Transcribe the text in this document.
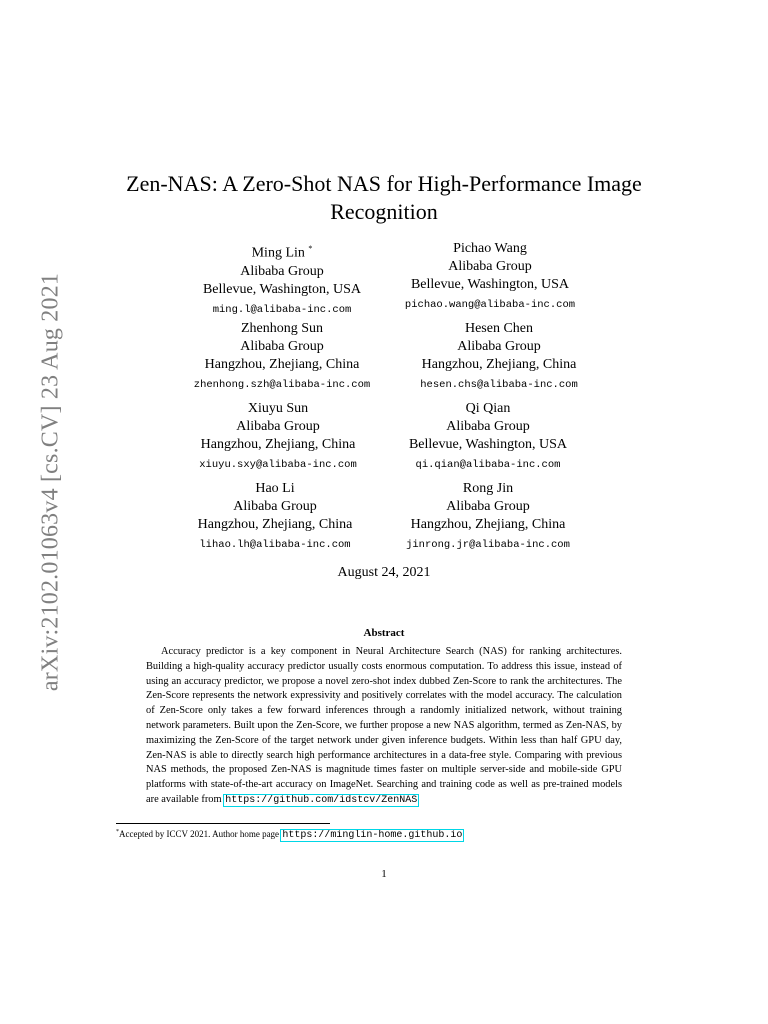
arXiv:2102.01063v4 [cs.CV] 23 Aug 2021
Zen-NAS: A Zero-Shot NAS for High-Performance Image
Recognition
Ming Lin *
Alibaba Group
Bellevue, Washington, USA
ming.l@alibaba-inc.com
Pichao Wang
Alibaba Group
Bellevue, Washington, USA
pichao.wang@alibaba-inc.com
Zhenhong Sun
Alibaba Group
Hangzhou, Zhejiang, China
zhenhong.szh@alibaba-inc.com
Hesen Chen
Alibaba Group
Hangzhou, Zhejiang, China
hesen.chs@alibaba-inc.com
Xiuyu Sun
Alibaba Group
Hangzhou, Zhejiang, China
xiuyu.sxy@alibaba-inc.com
Qi Qian
Alibaba Group
Bellevue, Washington, USA
qi.qian@alibaba-inc.com
Hao Li
Alibaba Group
Hangzhou, Zhejiang, China
lihao.lh@alibaba-inc.com
Rong Jin
Alibaba Group
Hangzhou, Zhejiang, China
jinrong.jr@alibaba-inc.com
August 24, 2021
Abstract

Accuracy predictor is a key component in Neural Architecture Search (NAS) for ranking architectures. Building a high-quality accuracy predictor usually costs enormous computation. To address this issue, instead of using an accuracy predictor, we propose a novel zero-shot index dubbed Zen-Score to rank the architectures. The Zen-Score represents the network expressivity and positively correlates with the model accuracy. The calculation of Zen-Score only takes a few forward inferences through a randomly initialized network, without training network parameters. Built upon the Zen-Score, we further propose a new NAS algorithm, termed as Zen-NAS, by maximizing the Zen-Score of the target network under given inference budgets. Within less than half GPU day, Zen-NAS is able to directly search high performance architectures in a data-free style. Comparing with previous NAS methods, the proposed Zen-NAS is magnitude times faster on multiple server-side and mobile-side GPU platforms with state-of-the-art accuracy on ImageNet. Searching and training code as well as pre-trained models are available from https://github.com/idstcv/ZenNAS

*Accepted by ICCV 2021. Author home page https://minglin-home.github.io
1
